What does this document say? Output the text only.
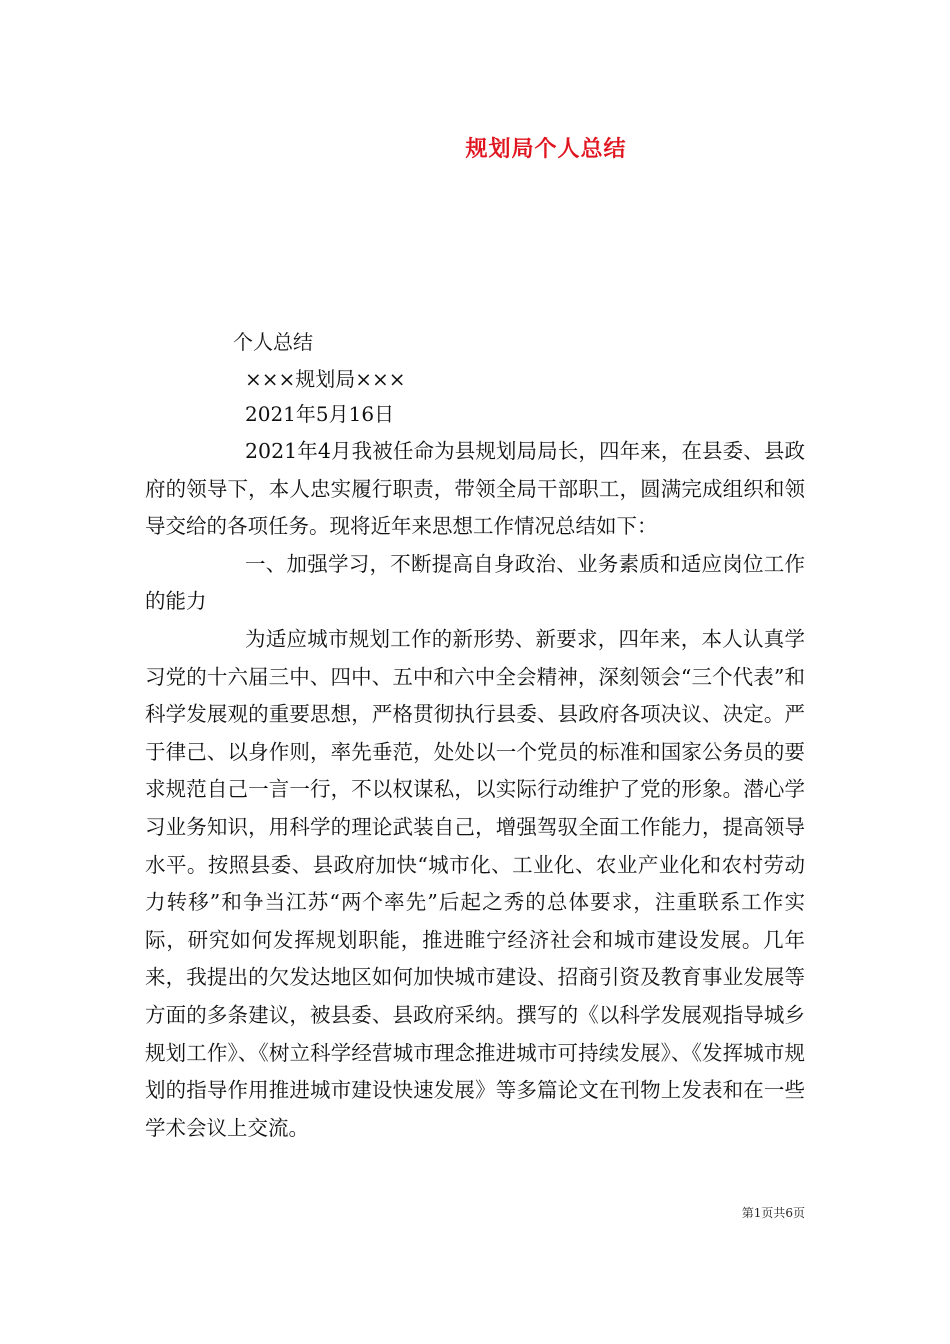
规划局个人总结
个人总结
×××规划局×××
2021年5月16日

2021年4月我被任命为县规划局局长，四年来，在县委、县政府的领导下，本人忠实履行职责，带领全局干部职工，圆满完成组织和领导交给的各项任务。现将近年来思想工作情况总结如下：

一、加强学习，不断提高自身政治、业务素质和适应岗位工作的能力

为适应城市规划工作的新形势、新要求，四年来，本人认真学习党的十六届三中、四中、五中和六中全会精神，深刻领会“三个代表”和科学发展观的重要思想，严格贯彻执行县委、县政府各项决议、决定。严于律己、以身作则，率先垂范，处处以一个党员的标准和国家公务员的要求规范自己一言一行，不以权谋私，以实际行动维护了党的形象。潜心学习业务知识，用科学的理论武装自己，增强驾驭全面工作能力，提高领导水平。按照县委、县政府加快“城市化、工业化、农业产业化和农村劳动力转移”和争当江苏“两个率先”后起之秀的总体要求，注重联系工作实际，研究如何发挥规划职能，推进睢宁经济社会和城市建设发展。几年来，我提出的欠发达地区如何加快城市建设、招商引资及教育事业发展等方面的多条建议，被县委、县政府采纳。撰写的《以科学发展观指导城乡规划工作》、《树立科学经营城市理念推进城市可持续发展》、《发挥城市规划的指导作用推进城市建设快速发展》等多篇论文在刊物上发表和在一些学术会议上交流。

第1页共6页
